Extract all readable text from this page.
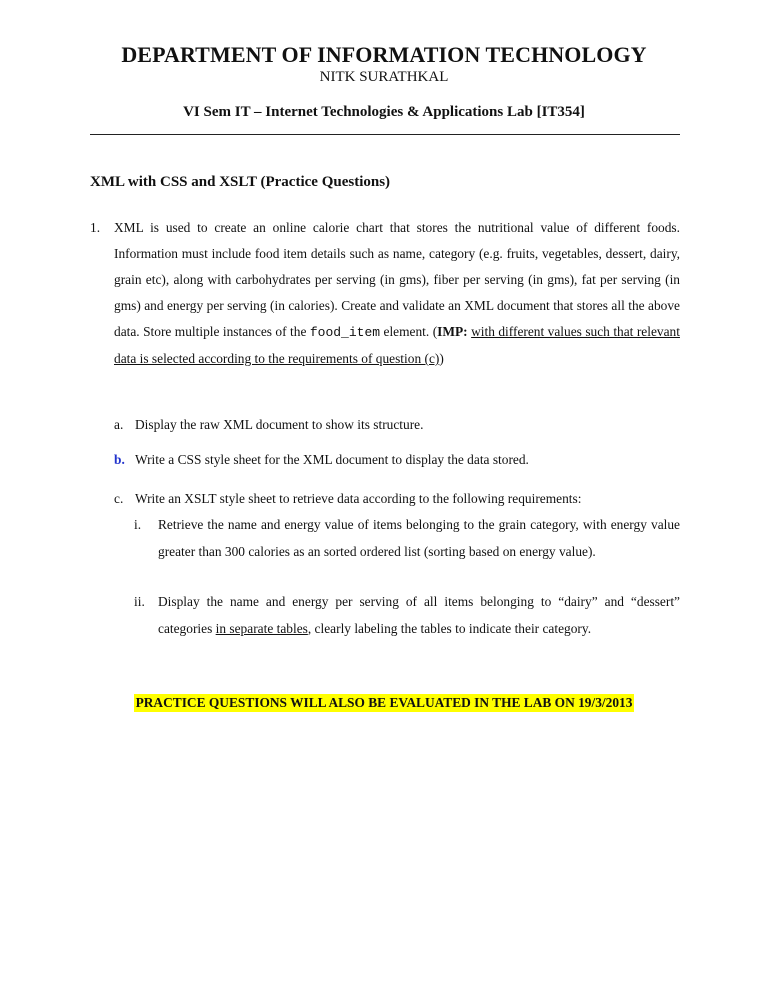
DEPARTMENT OF INFORMATION TECHNOLOGY
NITK SURATHKAL
VI Sem IT – Internet Technologies & Applications Lab [IT354]
XML with CSS and XSLT (Practice Questions)
1. XML is used to create an online calorie chart that stores the nutritional value of different foods. Information must include food item details such as name, category (e.g. fruits, vegetables, dessert, dairy, grain etc), along with carbohydrates per serving (in gms), fiber per serving (in gms), fat per serving (in gms) and energy per serving (in calories). Create and validate an XML document that stores all the above data. Store multiple instances of the food_item element. (IMP: with different values such that relevant data is selected according to the requirements of question (c))
a. Display the raw XML document to show its structure.
b. Write a CSS style sheet for the XML document to display the data stored.
c. Write an XSLT style sheet to retrieve data according to the following requirements:
i. Retrieve the name and energy value of items belonging to the grain category, with energy value greater than 300 calories as an sorted ordered list (sorting based on energy value).
ii. Display the name and energy per serving of all items belonging to “dairy” and “dessert” categories in separate tables, clearly labeling the tables to indicate their category.
PRACTICE QUESTIONS WILL ALSO BE EVALUATED IN THE LAB ON 19/3/2013
